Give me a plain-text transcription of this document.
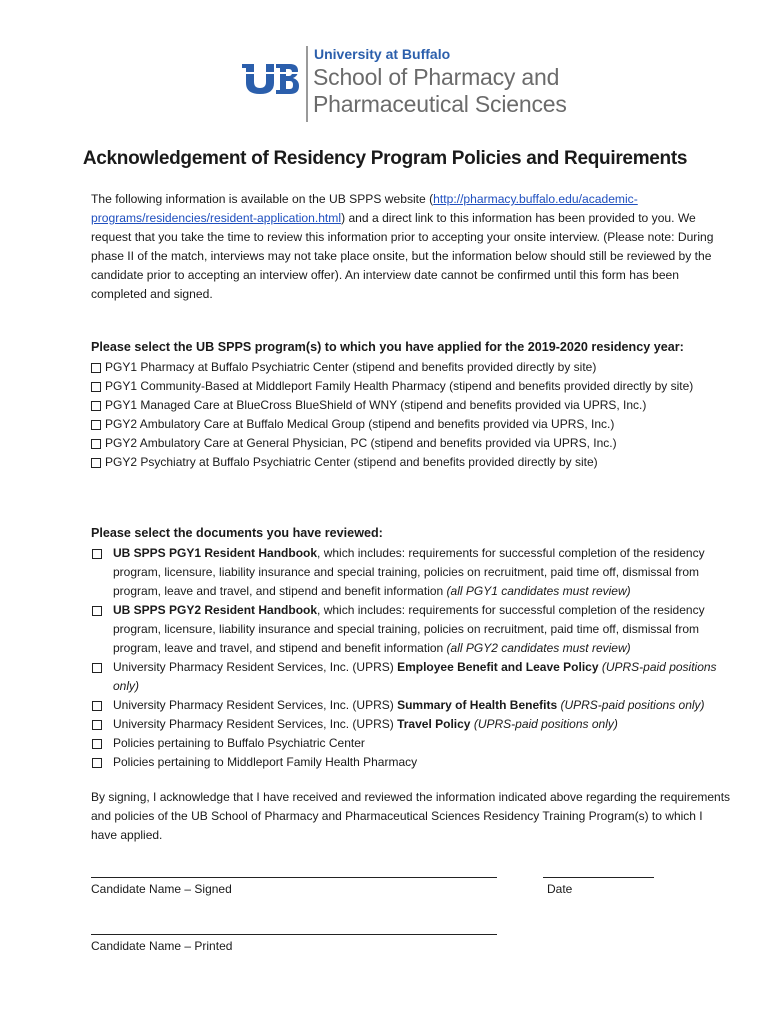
University at Buffalo
School of Pharmacy and
Pharmaceutical Sciences
Acknowledgement of Residency Program Policies and Requirements
The following information is available on the UB SPPS website (http://pharmacy.buffalo.edu/academic-programs/residencies/resident-application.html) and a direct link to this information has been provided to you. We request that you take the time to review this information prior to accepting your onsite interview. (Please note: During phase II of the match, interviews may not take place onsite, but the information below should still be reviewed by the candidate prior to accepting an interview offer). An interview date cannot be confirmed until this form has been completed and signed.
Please select the UB SPPS program(s) to which you have applied for the 2019-2020 residency year:
PGY1 Pharmacy at Buffalo Psychiatric Center (stipend and benefits provided directly by site)
PGY1 Community-Based at Middleport Family Health Pharmacy (stipend and benefits provided directly by site)
PGY1 Managed Care at BlueCross BlueShield of WNY (stipend and benefits provided via UPRS, Inc.)
PGY2 Ambulatory Care at Buffalo Medical Group (stipend and benefits provided via UPRS, Inc.)
PGY2 Ambulatory Care at General Physician, PC (stipend and benefits provided via UPRS, Inc.)
PGY2 Psychiatry at Buffalo Psychiatric Center (stipend and benefits provided directly by site)
Please select the documents you have reviewed:
UB SPPS PGY1 Resident Handbook, which includes: requirements for successful completion of the residency program, licensure, liability insurance and special training, policies on recruitment, paid time off, dismissal from program, leave and travel, and stipend and benefit information (all PGY1 candidates must review)
UB SPPS PGY2 Resident Handbook, which includes: requirements for successful completion of the residency program, licensure, liability insurance and special training, policies on recruitment, paid time off, dismissal from program, leave and travel, and stipend and benefit information (all PGY2 candidates must review)
University Pharmacy Resident Services, Inc. (UPRS) Employee Benefit and Leave Policy (UPRS-paid positions only)
University Pharmacy Resident Services, Inc. (UPRS) Summary of Health Benefits (UPRS-paid positions only)
University Pharmacy Resident Services, Inc. (UPRS) Travel Policy (UPRS-paid positions only)
Policies pertaining to Buffalo Psychiatric Center
Policies pertaining to Middleport Family Health Pharmacy
By signing, I acknowledge that I have received and reviewed the information indicated above regarding the requirements and policies of the UB School of Pharmacy and Pharmaceutical Sciences Residency Training Program(s) to which I have applied.
Candidate Name – Signed	Date
Candidate Name – Printed
